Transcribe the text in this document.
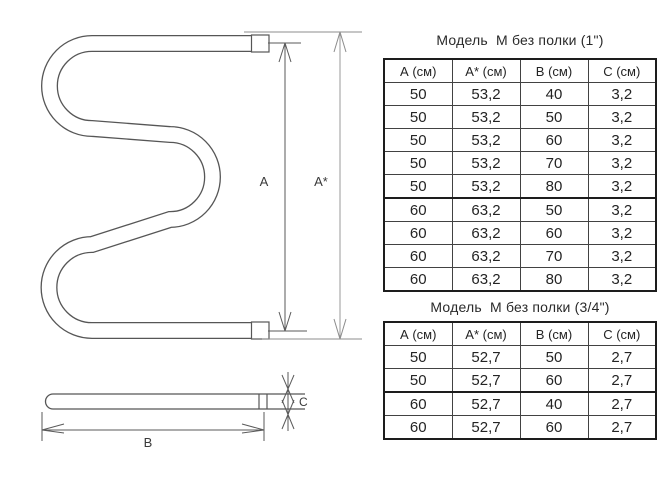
A	A*
C
B

Модель  М без полки (1")

А (см)	А* (см)	В (см)	С (см)
50	53,2	40	3,2
50	53,2	50	3,2
50	53,2	60	3,2
50	53,2	70	3,2
50	53,2	80	3,2
60	63,2	50	3,2
60	63,2	60	3,2
60	63,2	70	3,2
60	63,2	80	3,2

Модель  М без полки (3/4")

А (см)	А* (см)	В (см)	С (см)
50	52,7	50	2,7
50	52,7	60	2,7
60	52,7	40	2,7
60	52,7	60	2,7
